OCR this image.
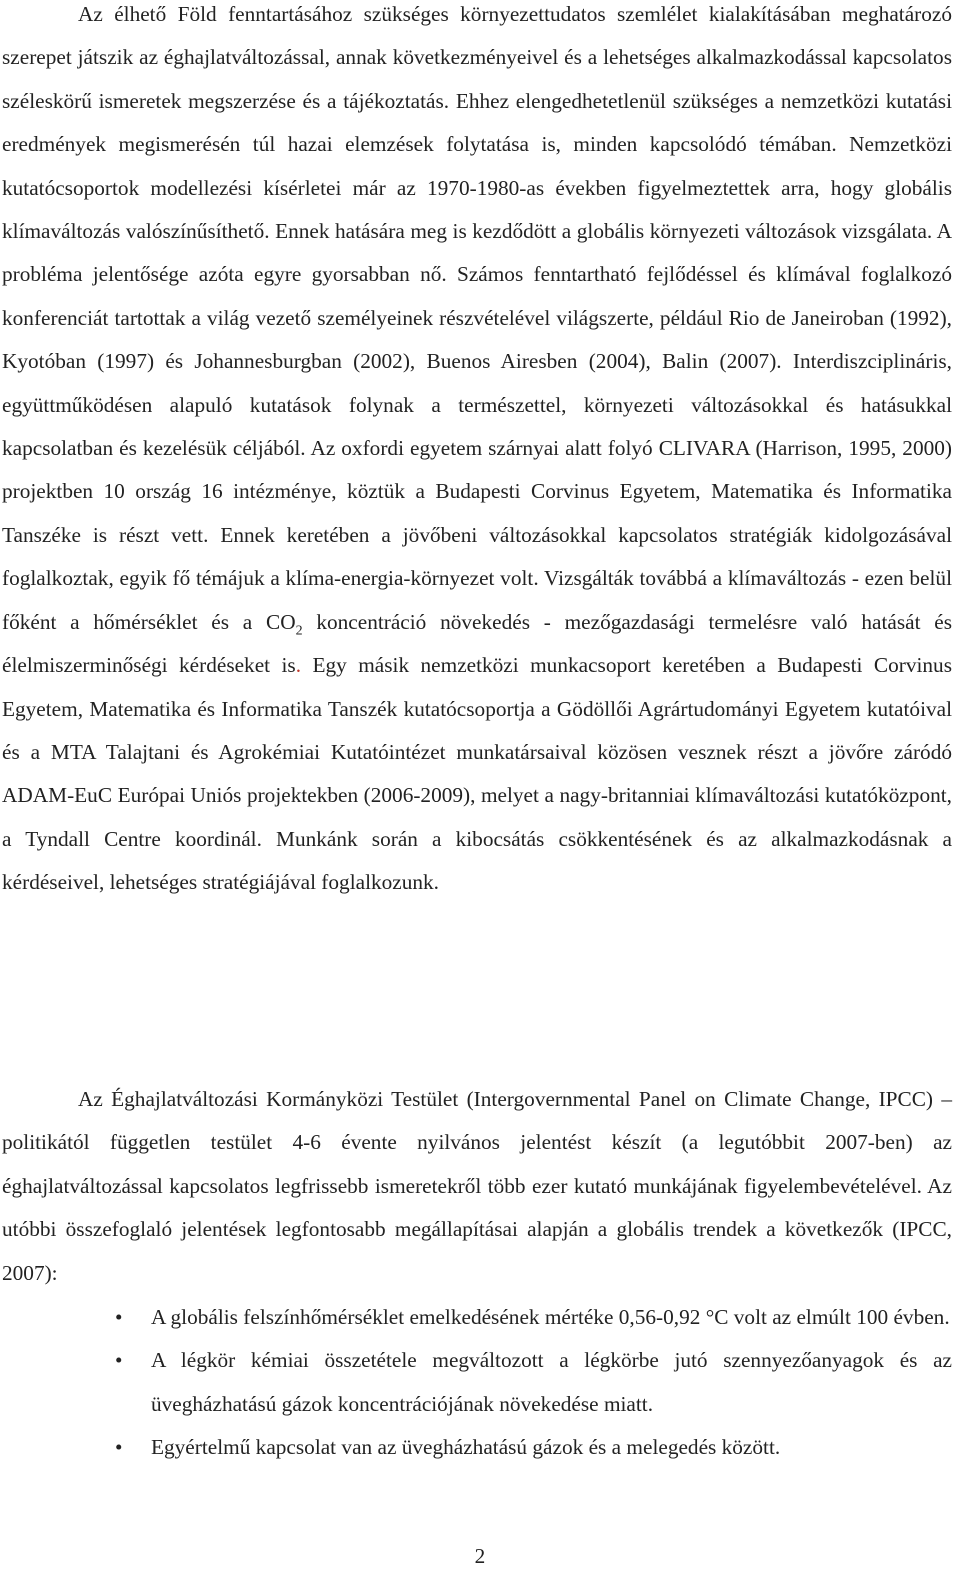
Az élhető Föld fenntartásához szükséges környezettudatos szemlélet kialakításában meghatározó szerepet játszik az éghajlatváltozással, annak következményeivel és a lehetséges alkalmazkodással kapcsolatos széleskörű ismeretek megszerzése és a tájékoztatás. Ehhez elengedhetetlenül szükséges a nemzetközi kutatási eredmények megismerésén túl hazai elemzések folytatása is, minden kapcsolódó témában. Nemzetközi kutatócsoportok modellezési kísérletei már az 1970-1980-as években figyelmeztettek arra, hogy globális klímaváltozás valószínűsíthető. Ennek hatására meg is kezdődött a globális környezeti változások vizsgálata. A probléma jelentősége azóta egyre gyorsabban nő. Számos fenntartható fejlődéssel és klímával foglalkozó konferenciát tartottak a világ vezető személyeinek részvételével világszerte, például Rio de Janeiroban (1992), Kyotóban (1997) és Johannesburgban (2002), Buenos Airesben (2004), Balin (2007). Interdiszciplináris, együttműködésen alapuló kutatások folynak a természettel, környezeti változásokkal és hatásukkal kapcsolatban és kezelésük céljából. Az oxfordi egyetem szárnyai alatt folyó CLIVARA (Harrison, 1995, 2000) projektben 10 ország 16 intézménye, köztük a Budapesti Corvinus Egyetem, Matematika és Informatika Tanszéke is részt vett. Ennek keretében a jövőbeni változásokkal kapcsolatos stratégiák kidolgozásával foglalkoztak, egyik fő témájuk a klíma-energia-környezet volt. Vizsgálták továbbá a klímaváltozás - ezen belül főként a hőmérséklet és a $CO_2$ koncentráció növekedés - mezőgazdasági termelésre való hatását és élelmiszerminőségi kérdéseket is. Egy másik nemzetközi munkacsoport keretében a Budapesti Corvinus Egyetem, Matematika és Informatika Tanszék kutatócsoportja a Gödöllői Agrártudományi Egyetem kutatóival és a MTA Talajtani és Agrokémiai Kutatóintézet munkatársaival közösen vesznek részt a jövőre záródó ADAM-EuC Európai Uniós projektekben (2006-2009), melyet a nagy-britanniai klímaváltozási kutatóközpont, a Tyndall Centre koordinál. Munkánk során a kibocsátás csökkentésének és az alkalmazkodásnak a kérdéseivel, lehetséges stratégiájával foglalkozunk.

Az Éghajlatváltozási Kormányközi Testület (Intergovernmental Panel on Climate Change, IPCC) – politikától független testület 4-6 évente nyilvános jelentést készít (a legutóbbit 2007-ben) az éghajlatváltozással kapcsolatos legfrissebb ismeretekről több ezer kutató munkájának figyelembevételével. Az utóbbi összefoglaló jelentések legfontosabb megállapításai alapján a globális trendek a következők (IPCC, 2007):

• A globális felszínhőmérséklet emelkedésének mértéke 0,56-0,92 °C volt az elmúlt 100 évben.
• A légkör kémiai összetétele megváltozott a légkörbe jutó szennyezőanyagok és az üvegházhatású gázok koncentrációjának növekedése miatt.
• Egyértelmű kapcsolat van az üvegházhatású gázok és a melegedés között.
2
